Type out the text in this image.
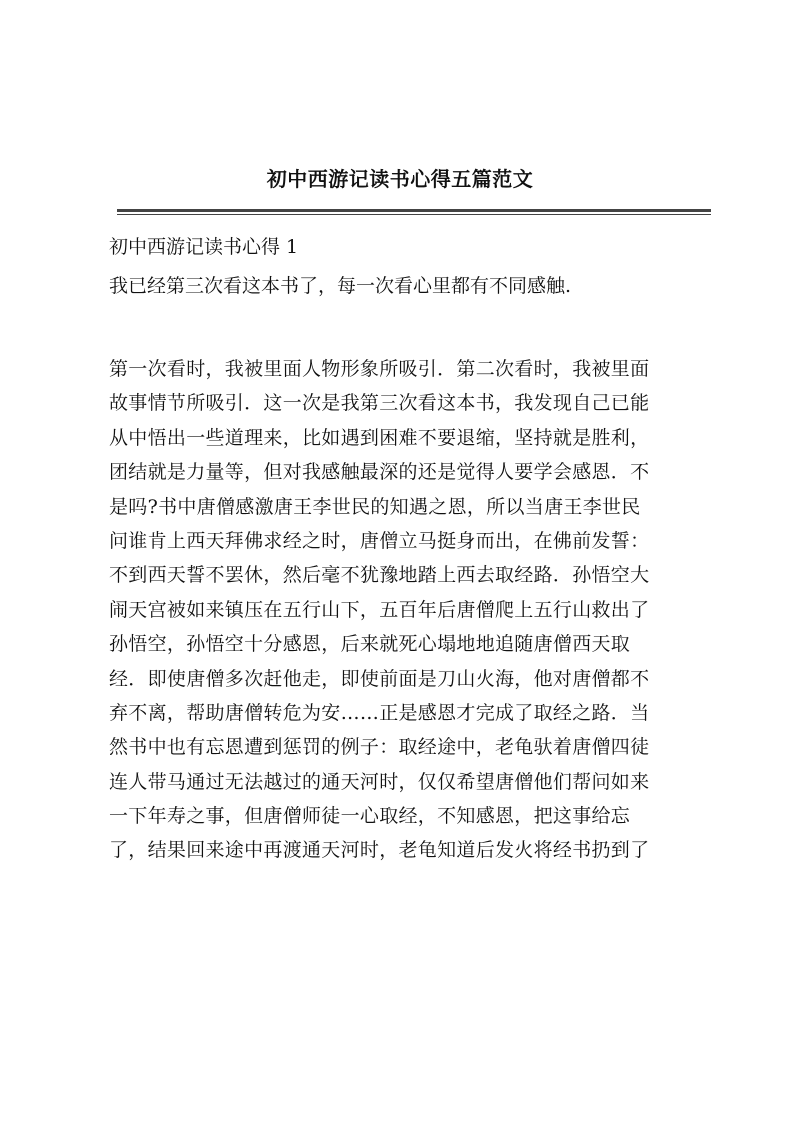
初中西游记读书心得五篇范文
初中西游记读书心得 1
我已经第三次看这本书了，每一次看心里都有不同感触.
第一次看时，我被里面人物形象所吸引．第二次看时，我被里面
故事情节所吸引．这一次是我第三次看这本书，我发现自己已能
从中悟出一些道理来，比如遇到困难不要退缩，坚持就是胜利，
团结就是力量等，但对我感触最深的还是觉得人要学会感恩．不
是吗?书中唐僧感激唐王李世民的知遇之恩，所以当唐王李世民
问谁肯上西天拜佛求经之时，唐僧立马挺身而出，在佛前发誓：
不到西天誓不罢休，然后毫不犹豫地踏上西去取经路．孙悟空大
闹天宫被如来镇压在五行山下，五百年后唐僧爬上五行山救出了
孙悟空，孙悟空十分感恩，后来就死心塌地地追随唐僧西天取
经．即使唐僧多次赶他走，即使前面是刀山火海，他对唐僧都不
弃不离，帮助唐僧转危为安……正是感恩才完成了取经之路．当
然书中也有忘恩遭到惩罚的例子：取经途中，老龟驮着唐僧四徒
连人带马通过无法越过的通天河时，仅仅希望唐僧他们帮问如来
一下年寿之事，但唐僧师徒一心取经，不知感恩，把这事给忘
了，结果回来途中再渡通天河时，老龟知道后发火将经书扔到了
